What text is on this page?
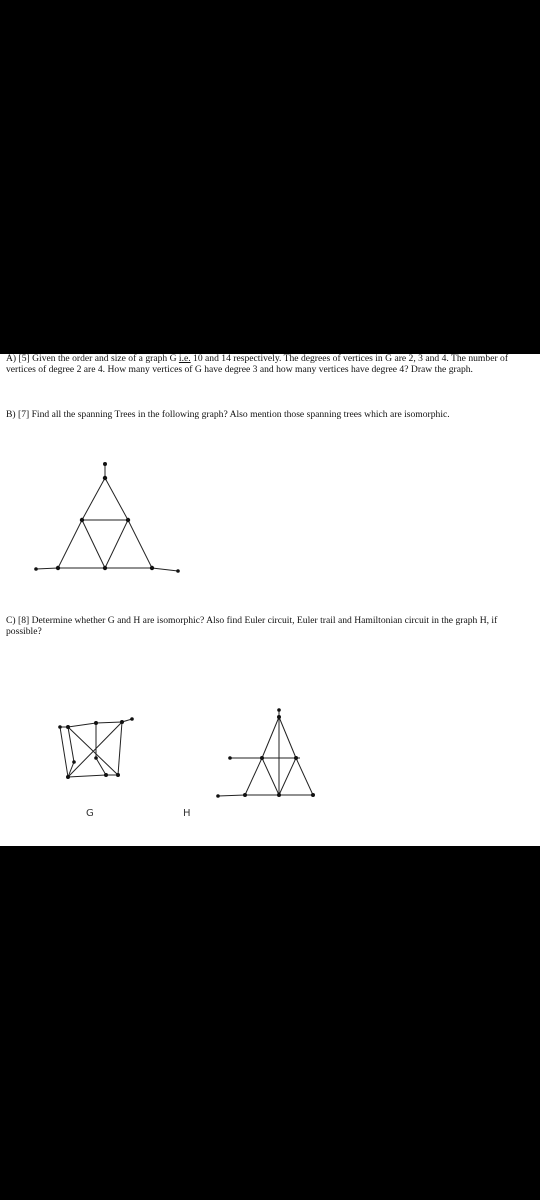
A) [5] Given the order and size of a graph G i.e. 10 and 14 respectively. The degrees of vertices in G are 2, 3 and 4. The number of vertices of degree 2 are 4. How many vertices of G have degree 3 and how many vertices have degree 4? Draw the graph.

B) [7] Find all the spanning Trees in the following graph? Also mention those spanning trees which are isomorphic.

C) [8] Determine whether G and H are isomorphic? Also find Euler circuit, Euler trail and Hamiltonian circuit in the graph H, if possible?

G	H
